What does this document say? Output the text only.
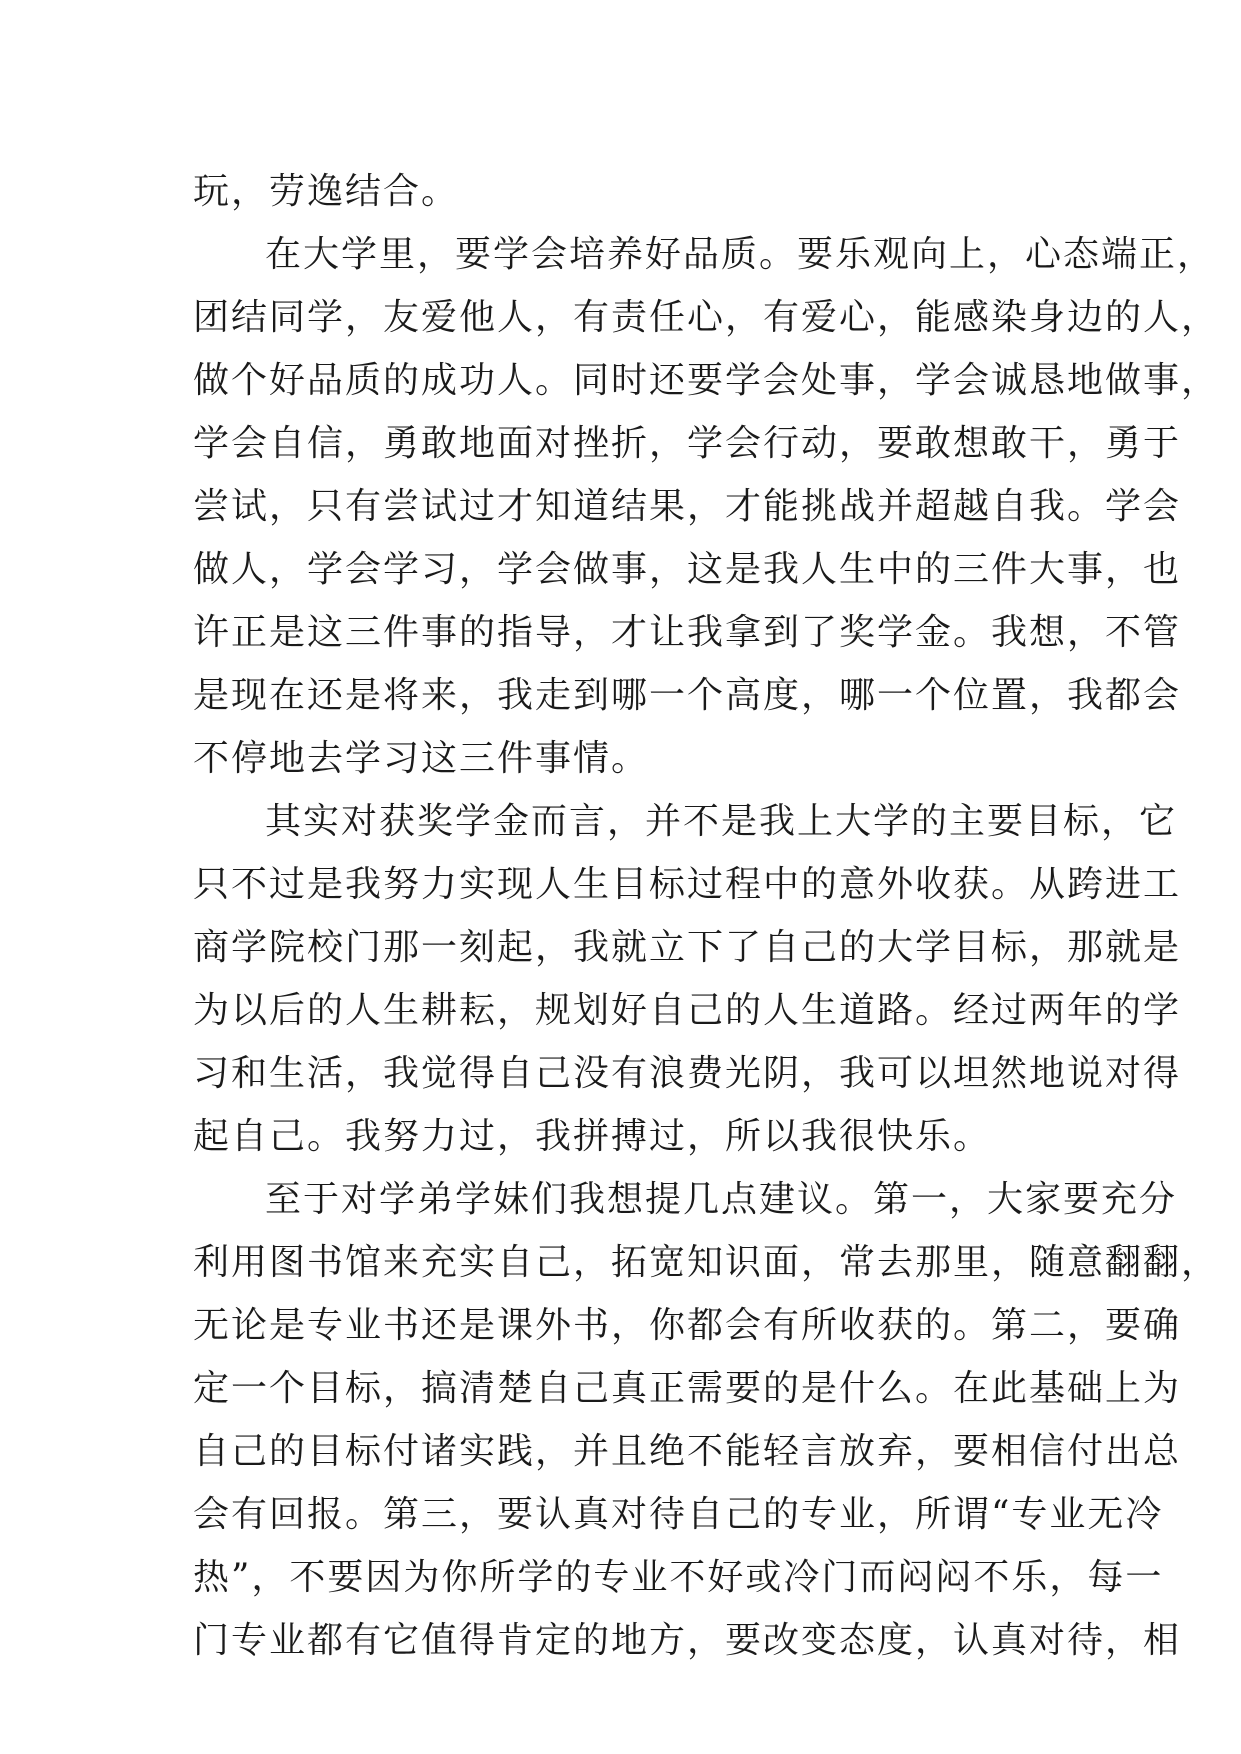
玩，劳逸结合。
在大学里，要学会培养好品质。要乐观向上，心态端正，
团结同学，友爱他人，有责任心，有爱心，能感染身边的人，
做个好品质的成功人。同时还要学会处事，学会诚恳地做事，
学会自信，勇敢地面对挫折，学会行动，要敢想敢干，勇于
尝试，只有尝试过才知道结果，才能挑战并超越自我。学会
做人，学会学习，学会做事，这是我人生中的三件大事，也
许正是这三件事的指导，才让我拿到了奖学金。我想，不管
是现在还是将来，我走到哪一个高度，哪一个位置，我都会
不停地去学习这三件事情。
其实对获奖学金而言，并不是我上大学的主要目标，它
只不过是我努力实现人生目标过程中的意外收获。从跨进工
商学院校门那一刻起，我就立下了自己的大学目标，那就是
为以后的人生耕耘，规划好自己的人生道路。经过两年的学
习和生活，我觉得自己没有浪费光阴，我可以坦然地说对得
起自己。我努力过，我拼搏过，所以我很快乐。
至于对学弟学妹们我想提几点建议。第一，大家要充分
利用图书馆来充实自己，拓宽知识面，常去那里，随意翻翻，
无论是专业书还是课外书，你都会有所收获的。第二，要确
定一个目标，搞清楚自己真正需要的是什么。在此基础上为
自己的目标付诸实践，并且绝不能轻言放弃，要相信付出总
会有回报。第三，要认真对待自己的专业，所谓“专业无冷
热”，不要因为你所学的专业不好或冷门而闷闷不乐，每一
门专业都有它值得肯定的地方，要改变态度，认真对待，相
